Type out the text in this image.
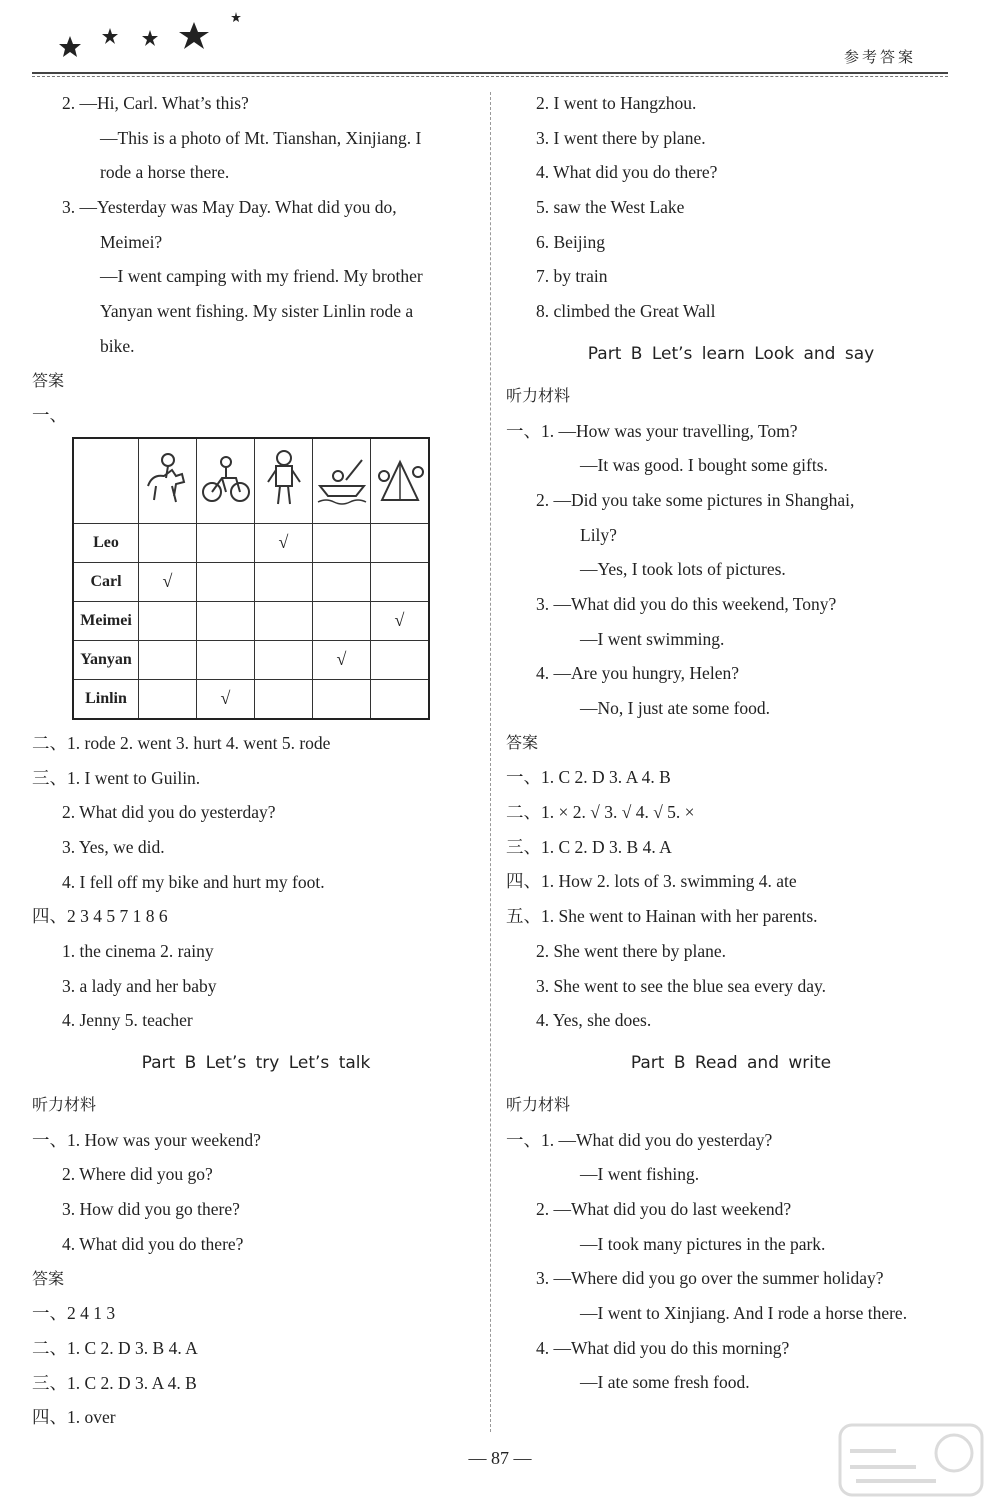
参考答案
2. —Hi, Carl. What’s this?
—This is a photo of Mt. Tianshan, Xinjiang. I
rode a horse there.
3. —Yesterday was May Day. What did you do,
Meimei?
—I went camping with my friend. My brother
Yanyan went fishing. My sister Linlin rode a
bike.
答案
一、

Leo			√		
Carl	√				
Meimei					√
Yanyan				√	
Linlin		√			
二、1. rode 2. went 3. hurt 4. went 5. rode
三、1. I went to Guilin.
2. What did you do yesterday?
3. Yes, we did.
4. I fell off my bike and hurt my foot.
四、2 3 4 5 7 1 8 6
1. the cinema 2. rainy
3. a lady and her baby
4. Jenny 5. teacher
Part B Let’s try Let’s talk
听力材料
一、1. How was your weekend?
2. Where did you go?
3. How did you go there?
4. What did you do there?
答案
一、2 4 1 3
二、1. C 2. D 3. B 4. A
三、1. C 2. D 3. A 4. B
四、1. over
2. I went to Hangzhou.
3. I went there by plane.
4. What did you do there?
5. saw the West Lake
6. Beijing
7. by train
8. climbed the Great Wall
Part B Let’s learn Look and say
听力材料
一、1. —How was your travelling, Tom?
—It was good. I bought some gifts.
2. —Did you take some pictures in Shanghai,
Lily?
—Yes, I took lots of pictures.
3. —What did you do this weekend, Tony?
—I went swimming.
4. —Are you hungry, Helen?
—No, I just ate some food.
答案
一、1. C 2. D 3. A 4. B
二、1. × 2. √ 3. √ 4. √ 5. ×
三、1. C 2. D 3. B 4. A
四、1. How 2. lots of 3. swimming 4. ate
五、1. She went to Hainan with her parents.
2. She went there by plane.
3. She went to see the blue sea every day.
4. Yes, she does.
Part B Read and write
听力材料
一、1. —What did you do yesterday?
—I went fishing.
2. —What did you do last weekend?
—I took many pictures in the park.
3. —Where did you go over the summer holiday?
—I went to Xinjiang. And I rode a horse there.
4. —What did you do this morning?
—I ate some fresh food.
— 87 —
